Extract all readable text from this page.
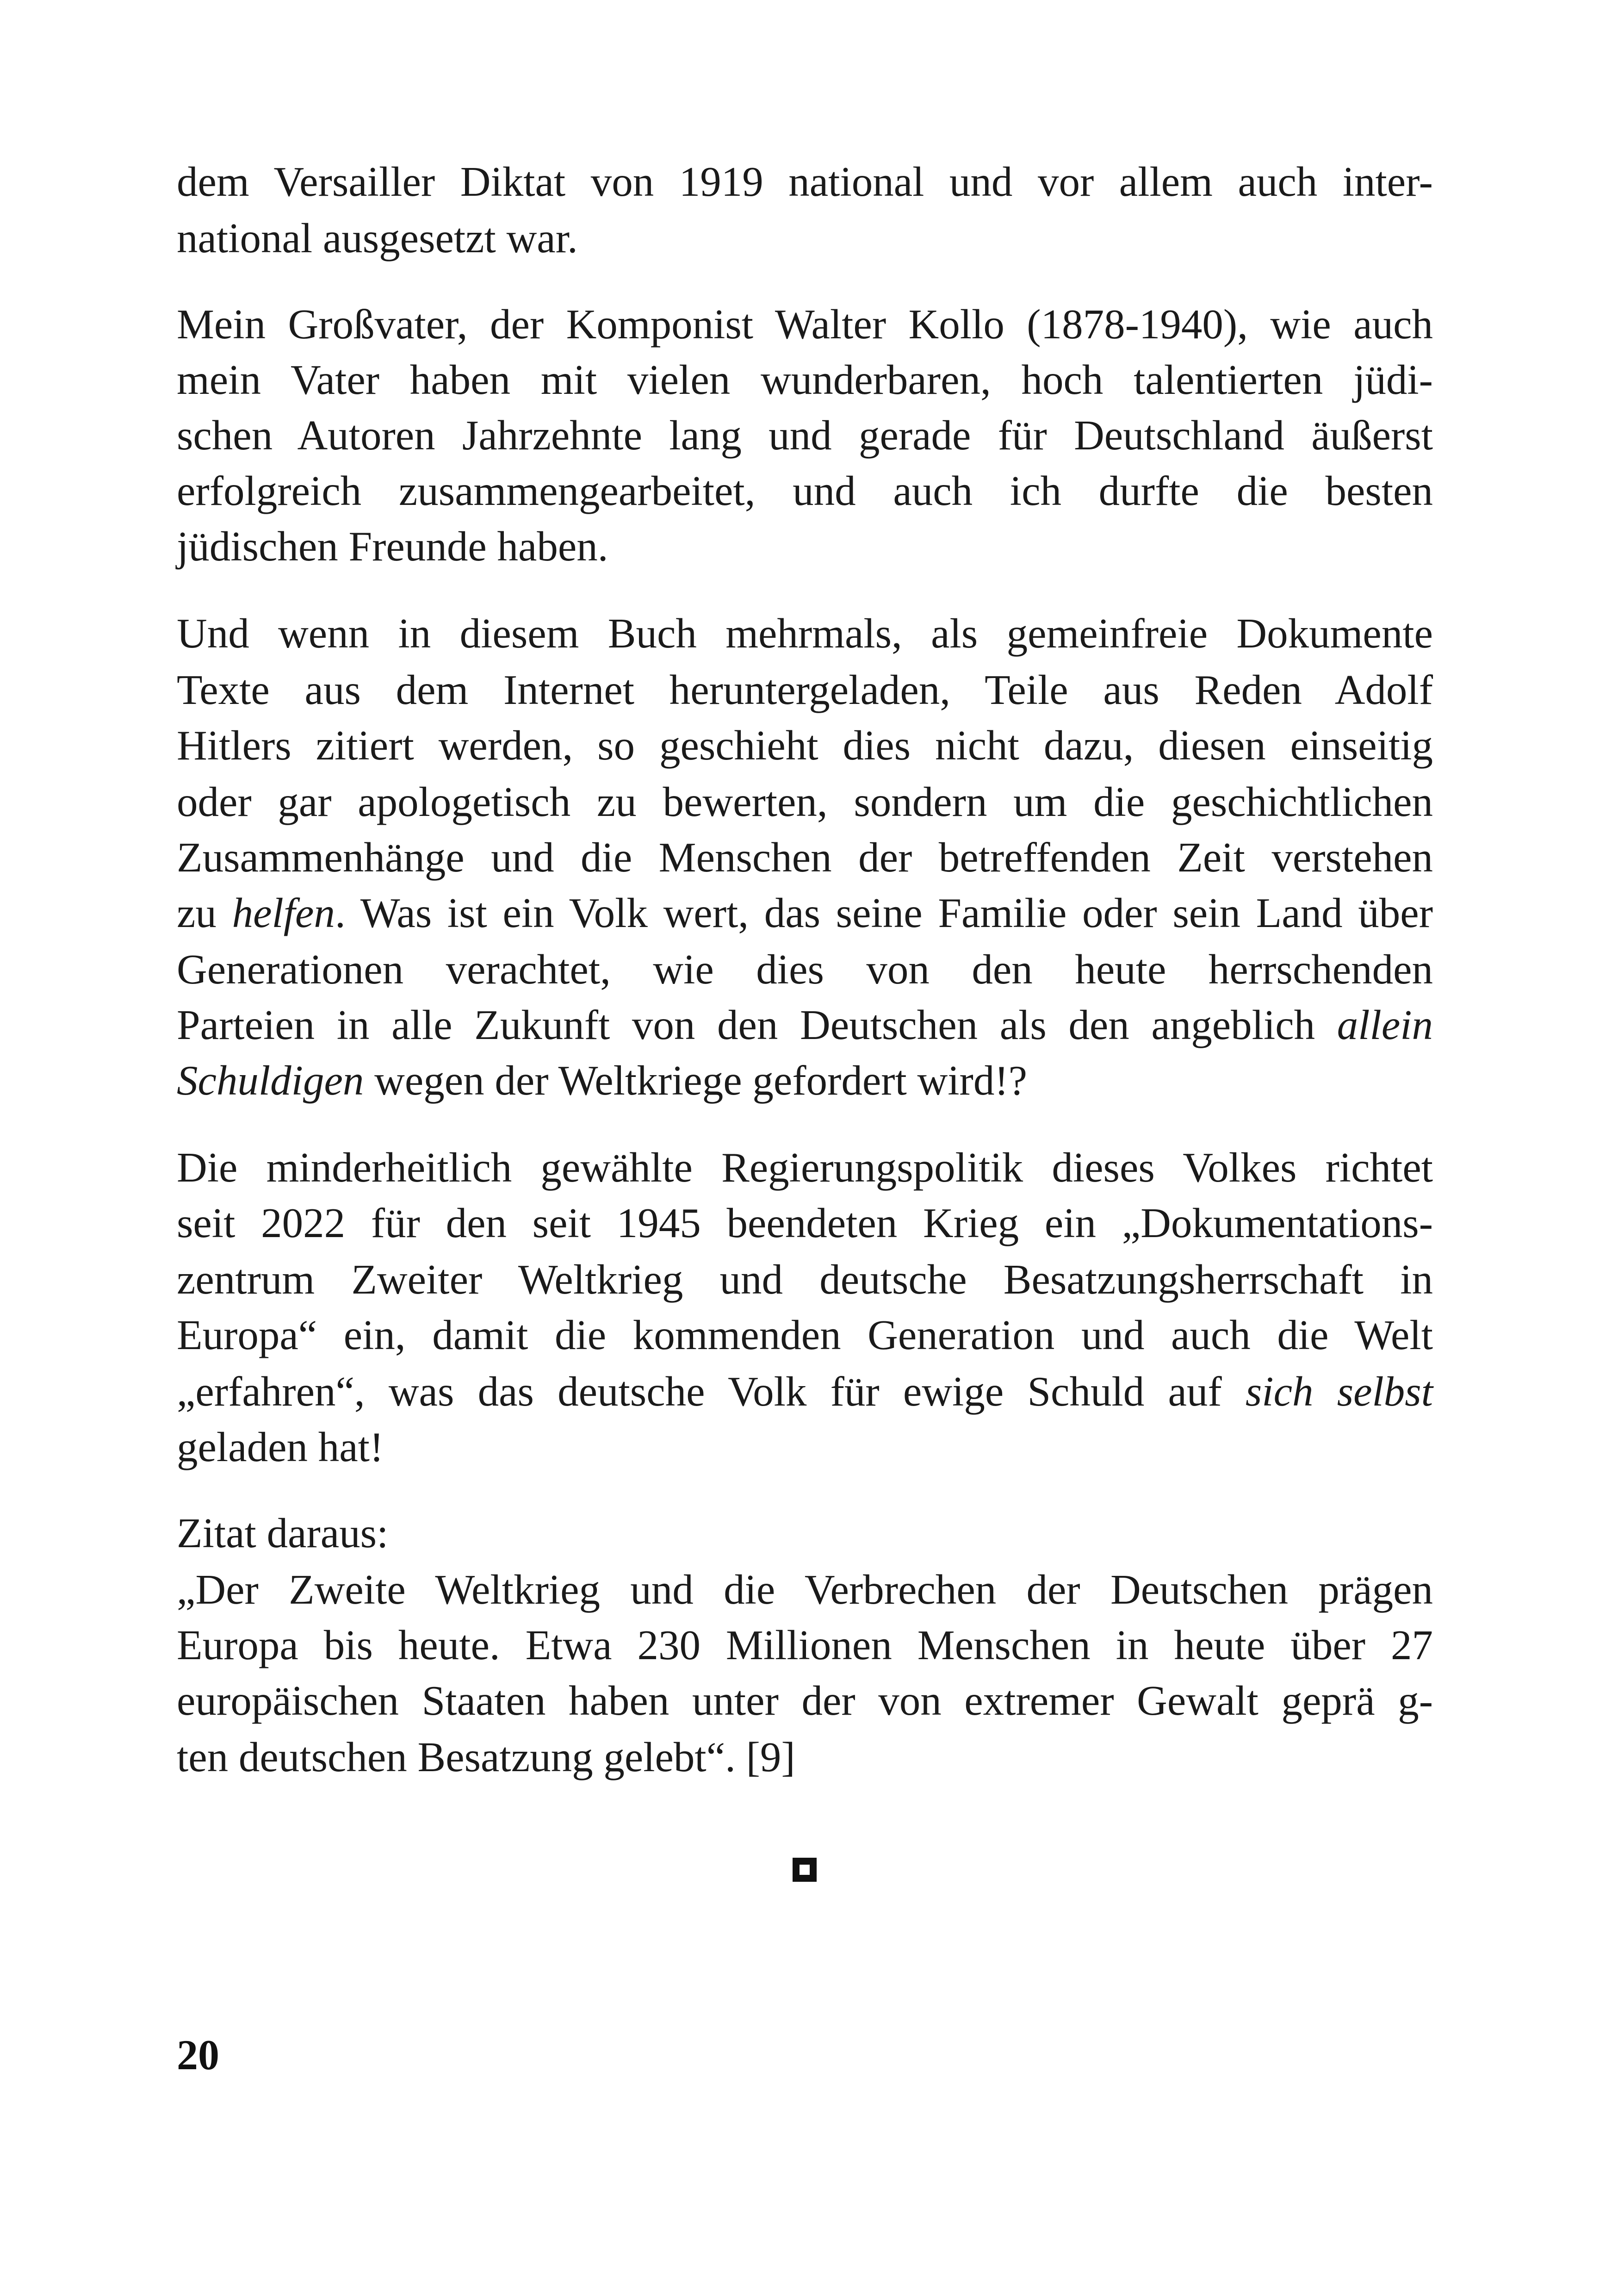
dem Versailler Diktat von 1919 national und vor allem auch inter-
national ausgesetzt war.
Mein Großvater, der Komponist Walter Kollo (1878-1940), wie auch
mein Vater haben mit vielen wunderbaren, hoch talentierten jüdi-
schen Autoren Jahrzehnte lang und gerade für Deutschland äußerst
erfolgreich zusammengearbeitet, und auch ich durfte die besten
jüdischen Freunde haben.
Und wenn in diesem Buch mehrmals, als gemeinfreie Dokumente
Texte aus dem Internet heruntergeladen, Teile aus Reden Adolf
Hitlers zitiert werden, so geschieht dies nicht dazu, diesen einseitig
oder gar apologetisch zu bewerten, sondern um die geschichtlichen
Zusammenhänge und die Menschen der betreffenden Zeit verstehen
zu helfen. Was ist ein Volk wert, das seine Familie oder sein Land über
Generationen verachtet, wie dies von den heute herrschenden
Parteien in alle Zukunft von den Deutschen als den angeblich allein
Schuldigen wegen der Weltkriege gefordert wird!?
Die minderheitlich gewählte Regierungspolitik dieses Volkes richtet
seit 2022 für den seit 1945 beendeten Krieg ein „Dokumentations-
zentrum Zweiter Weltkrieg und deutsche Besatzungsherrschaft in
Europa“ ein, damit die kommenden Generation und auch die Welt
„erfahren“, was das deutsche Volk für ewige Schuld auf sich selbst
geladen hat!
Zitat daraus:
„Der Zweite Weltkrieg und die Verbrechen der Deutschen prägen
Europa bis heute. Etwa 230 Millionen Menschen in heute über 27
europäischen Staaten haben unter der von extremer Gewalt geprä g-
ten deutschen Besatzung gelebt“. [9]
20
